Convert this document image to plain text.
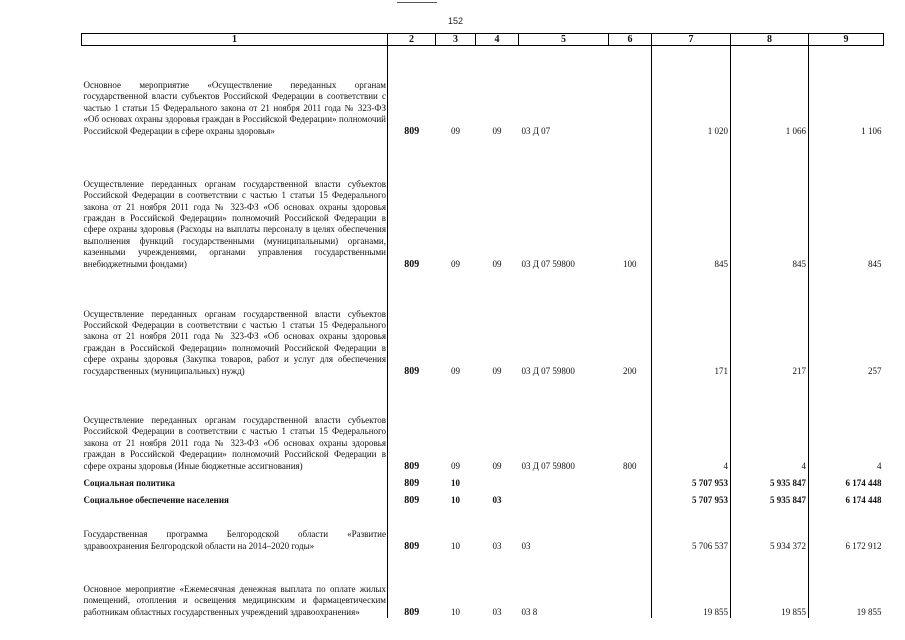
152
1	2	3	4	5	6	7	8	9
Основное мероприятие «Осуществление переданных органам государственной власти субъектов Российской Федерации в соответствии с частью 1 статьи 15 Федерального закона от 21 ноября 2011 года № 323-ФЗ «Об основах охраны здоровья граждан в Российской Федерации» полномочий Российской Федерации в сфере охраны здоровья»	809	09	09	03 Д 07		1 020	1 066	1 106
Осуществление переданных органам государственной власти субъектов Российской Федерации в соответствии с частью 1 статьи 15 Федерального закона от 21 ноября 2011 года № 323-ФЗ «Об основах охраны здоровья граждан в Российской Федерации» полномочий Российской Федерации в сфере охраны здоровья (Расходы на выплаты персоналу в целях обеспечения выполнения функций государственными (муниципальными) органами, казенными учреждениями, органами управления государственными внебюджетными фондами)	809	09	09	03 Д 07 59800	100	845	845	845
Осуществление переданных органам государственной власти субъектов Российской Федерации в соответствии с частью 1 статьи 15 Федерального закона от 21 ноября 2011 года № 323-ФЗ «Об основах охраны здоровья граждан в Российской Федерации» полномочий Российской Федерации в сфере охраны здоровья (Закупка товаров, работ и услуг для обеспечения государственных (муниципальных) нужд)	809	09	09	03 Д 07 59800	200	171	217	257
Осуществление переданных органам государственной власти субъектов Российской Федерации в соответствии с частью 1 статьи 15 Федерального закона от 21 ноября 2011 года № 323-ФЗ «Об основах охраны здоровья граждан в Российской Федерации» полномочий Российской Федерации в сфере охраны здоровья (Иные бюджетные ассигнования)	809	09	09	03 Д 07 59800	800	4	4	4
Социальная политика	809	10				5 707 953	5 935 847	6 174 448
Социальное обеспечение населения	809	10	03			5 707 953	5 935 847	6 174 448
Государственная программа Белгородской области «Развитие здравоохранения Белгородской области на 2014–2020 годы»	809	10	03	03		5 706 537	5 934 372	6 172 912
Основное мероприятие «Ежемесячная денежная выплата по оплате жилых помещений, отопления и освещения медицинским и фармацевтическим работникам областных государственных учреждений здравоохранения»	809	10	03	03 8		19 855	19 855	19 855
